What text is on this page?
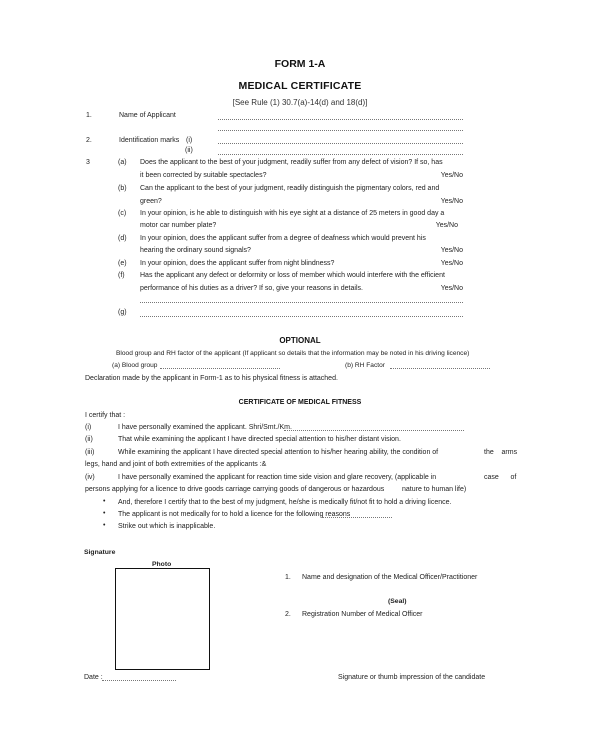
FORM 1-A
MEDICAL CERTIFICATE
[See Rule (1) 30.7(a)-14(d) and 18(d)]
1.	Name of Applicant
2.	Identification marks (i)
(ii)
3	(a) Does the applicant to the best of your judgment, readily suffer from any defect of vision? If so, has
it been corrected by suitable spectacles?	Yes/No
(b) Can the applicant to the best of your judgment, readily distinguish the pigmentary colors, red and
green?	Yes/No
(c) In your opinion, is he able to distinguish with his eye sight at a distance of 25 meters in good day a
motor car number plate?	Yes/No
(d) In your opinion, does the applicant suffer from a degree of deafness which would prevent his
hearing the ordinary sound signals?	Yes/No
(e) In your opinion, does the applicant suffer from night blindness?	Yes/No
(f) Has the applicant any defect or deformity or loss of member which would interfere with the efficient
performance of his duties as a driver? If so, give your reasons in details.	Yes/No
(g)
OPTIONAL
Blood group and RH factor of the applicant (If applicant so details that the information may be noted in his driving licence)
(a) Blood group	(b) RH Factor
Declaration made by the applicant in Form-1 as to his physical fitness is attached.
CERTIFICATE OF MEDICAL FITNESS
I certify that :
(i)	I have personally examined the applicant. Shri/Smt./Km.
(ii)	That while examining the applicant I have directed special attention to his/her distant vision.
(iii)	While examining the applicant I have directed special attention to his/her hearing ability, the condition of	the    arms
legs, hand and joint of both extremities of the applicants :&
(iv)	I have personally examined the applicant for reaction time side vision and glare recovery, (applicable in	case      of
persons applying for a licence to drive goods carriage carrying goods of dangerous or hazardous	nature to human life)
• And, therefore I certify that to the best of my judgment, he/she is medically fit/not fit to hold a driving licence.
• The applicant is not medically for to hold a licence for the following reasons
• Strike out which is inapplicable.
Signature
Photo
1. Name and designation of the Medical Officer/Practitioner
(Seal)
2. Registration Number of Medical Officer
Date :	Signature or thumb impression of the candidate
